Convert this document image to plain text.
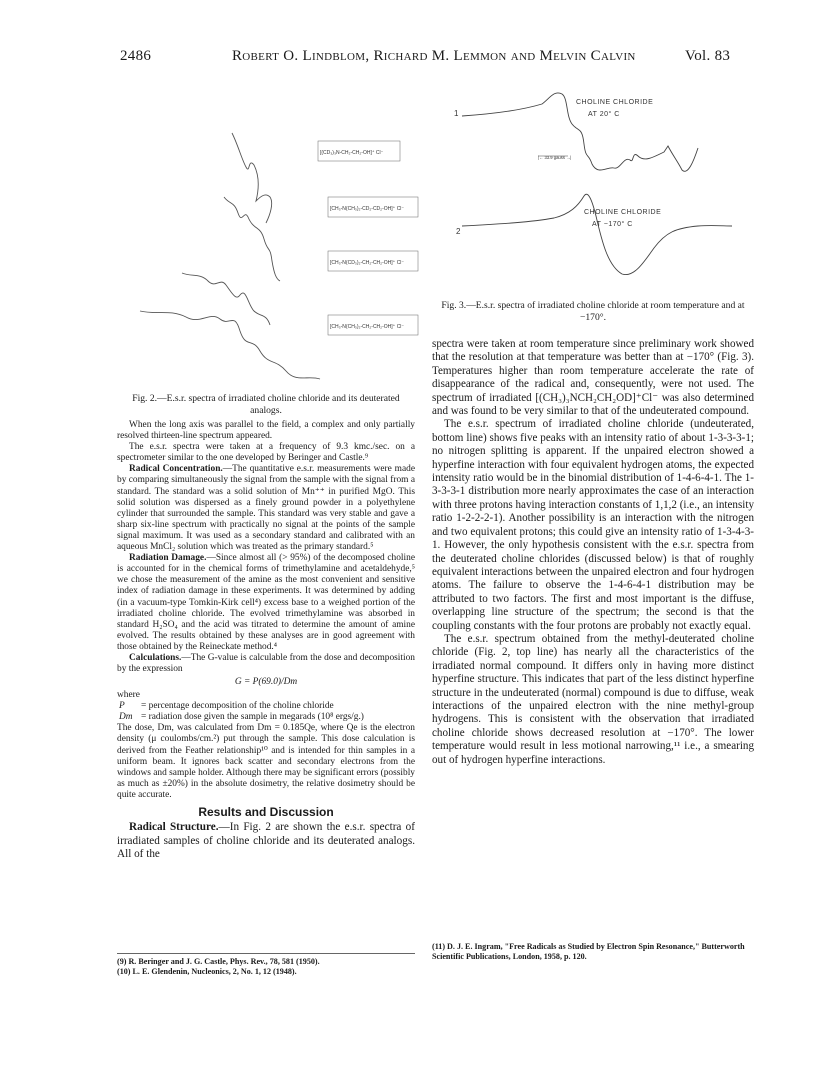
2486	Robert O. Lindblom, Richard M. Lemmon and Melvin Calvin	Vol. 83
[(CD₃)₃N-CH₂-CH₂-OH]⁺ Cl⁻
[CH₃-N(CH₃)₂-CD₂-CD₂-OH]⁺ Cl⁻
[CH₃-N(CD₃)₂-CH₂-CH₂-OH]⁺ Cl⁻
[CH₃-N(CH₃)₂-CH₂-CH₂-OH]⁺ Cl⁻
Fig. 2.—E.s.r. spectra of irradiated choline chloride and its deuterated analogs.
1
CHOLINE CHLORIDE
AT 20° C
|← 33.9 gauss →|
2
CHOLINE CHLORIDE
AT −170° C
Fig. 3.—E.s.r. spectra of irradiated choline chloride at room temperature and at −170°.

When the long axis was parallel to the field, a complex and only partially resolved thirteen-line spectrum appeared.

The e.s.r. spectra were taken at a frequency of 9.3 kmc./sec. on a spectrometer similar to the one developed by Beringer and Castle.⁹

Radical Concentration.—The quantitative e.s.r. measurements were made by comparing simultaneously the signal from the sample with the signal from a standard. The standard was a solid solution of Mn⁺⁺ in purified MgO. This solid solution was dispersed as a finely ground powder in a polyethylene cylinder that surrounded the sample. This standard was very stable and gave a sharp six-line spectrum with practically no signal at the points of the sample signal maximum. It was used as a secondary standard and calibrated with an aqueous MnCl₂ solution which was treated as the primary standard.⁵

Radiation Damage.—Since almost all (> 95%) of the decomposed choline is accounted for in the chemical forms of trimethylamine and acetaldehyde,⁵ we chose the measurement of the amine as the most convenient and sensitive index of radiation damage in these experiments. It was determined by adding (in a vacuum-type Tomkin-Kirk cell⁴) excess base to a weighed portion of the irradiated choline chloride. The evolved trimethylamine was absorbed in standard H₂SO₄ and the acid was titrated to determine the amount of amine evolved. The results obtained by these analyses are in good agreement with those obtained by the Reineckate method.⁴

Calculations.—The G-value is calculable from the dose and decomposition by the expression

G = P(69.0)/Dm

where

P	= percentage decomposition of the choline chloride
Dm	= radiation dose given the sample in megarads (10⁸ ergs/g.)

The dose, Dm, was calculated from Dm = 0.185Qe, where Qe is the electron density (μ coulombs/cm.²) put through the sample. This dose calculation is derived from the Feather relationship¹⁰ and is intended for thin samples in a uniform beam. It ignores back scatter and secondary electrons from the windows and sample holder. Although there may be significant errors (possibly as much as ±20%) in the absolute dosimetry, the relative dosimetry should be quite accurate.

Results and Discussion

Radical Structure.—In Fig. 2 are shown the e.s.r. spectra of irradiated samples of choline chloride and its deuterated analogs. All of the

(9) R. Beringer and J. G. Castle, Phys. Rev., 78, 581 (1950).

(10) L. E. Glendenin, Nucleonics, 2, No. 1, 12 (1948).

spectra were taken at room temperature since preliminary work showed that the resolution at that temperature was better than at −170° (Fig. 3). Temperatures higher than room temperature accelerate the rate of disappearance of the radical and, consequently, were not used. The spectrum of irradiated [(CH₃)₃NCH₂CH₂OD]⁺Cl⁻ was also determined and was found to be very similar to that of the undeuterated compound.

The e.s.r. spectrum of irradiated choline chloride (undeuterated, bottom line) shows five peaks with an intensity ratio of about 1-3-3-3-1; no nitrogen splitting is apparent. If the unpaired electron showed a hyperfine interaction with four equivalent hydrogen atoms, the expected intensity ratio would be in the binomial distribution of 1-4-6-4-1. The 1-3-3-3-1 distribution more nearly approximates the case of an interaction with three protons having interaction constants of 1,1,2 (i.e., an intensity ratio 1-2-2-2-1). Another possibility is an interaction with the nitrogen and two equivalent protons; this could give an intensity ratio of 1-3-4-3-1. However, the only hypothesis consistent with the e.s.r. spectra from the deuterated choline chlorides (discussed below) is that of roughly equivalent interactions between the unpaired electron and four hydrogen atoms. The failure to observe the 1-4-6-4-1 distribution may be attributed to two factors. The first and most important is the diffuse, overlapping line structure of the spectrum; the second is that the coupling constants with the four protons are probably not exactly equal.

The e.s.r. spectrum obtained from the methyl-deuterated choline chloride (Fig. 2, top line) has nearly all the characteristics of the irradiated normal compound. It differs only in having more distinct hyperfine structure. This indicates that part of the less distinct hyperfine structure in the undeuterated (normal) compound is due to diffuse, weak interactions of the unpaired electron with the nine methyl-group hydrogens. This is consistent with the observation that irradiated choline chloride shows decreased resolution at −170°. The lower temperature would result in less motional narrowing,¹¹ i.e., a smearing out of hydrogen hyperfine interactions.

(11) D. J. E. Ingram, "Free Radicals as Studied by Electron Spin Resonance," Butterworth Scientific Publications, London, 1958, p. 120.
